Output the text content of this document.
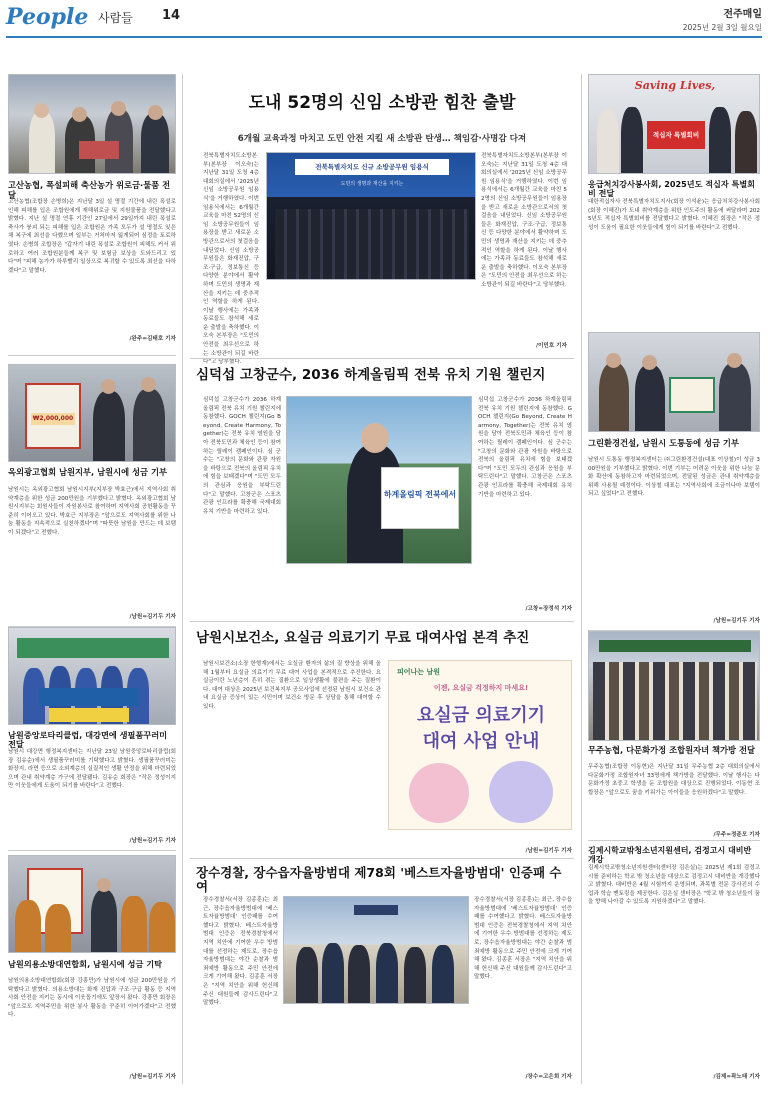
People 사람들	14	전주매일
2025년 2월 3일 월요일
고산농협, 폭설피해 축산농가 위로금·물품 전달
고산농협(조합장 손병희)은 지난달 3일 설 명절 기간에 내린 폭설로 인해 피해를 입은 조합원에게 재해위로금 및 지원물품을 전달했다고 밝혔다. 지난 설 명절 연휴 기간인 27일에서 29일까지 내린 폭설로 축사가 붕괴 되는 피해를 입은 조합원은 가족 모두가 설 명절도 잊은 채 복구에 최선을 다했으며 일부는 거처마저 잃게되어 심정을 토로하였다. 손병희 조합장은 "갑자기 내린 폭설로 조합원이 피해도 커서 위로하고 여러 조합원분들께 복구 및 보험금 보상을 도와드리고 있다"며 "피해 농가가 하루빨리 일상으로 복귀할 수 있도록 최선을 다하겠다"고 말했다.
/완주=김태호 기자
₩2,000,000
옥외광고협회 남원지부, 남원시에 성금 기부
남원시는 옥외광고협회 남원시지부(지부장 박효근)에서 지역사회 취약계층을 위한 성금 200만원을 기부했다고 밝혔다. 옥외광고협회 남원시지부는 회원사들이 자원봉사로 참여하며 지역사회 공헌활동을 꾸준히 이어오고 있다. 박효근 지부장은 "앞으로도 지역사회를 위한 나눔 활동을 지속적으로 실천하겠다"며 "따뜻한 남원을 만드는 데 보탬이 되겠다"고 전했다.
/남원=김기두 기자
남원중앙로타리클럽, 대강면에 생필품꾸러미 전달
남원시 대강면 행정복지센터는 지난달 23일 남원중앙로타리클럽(회장 김유순)에서 생필품꾸러미를 기탁했다고 밝혔다. 생필품꾸러미는 화장지, 라면 등으로 소외계층의 실질적인 생활 안정을 위해 마련되었으며 관내 취약계층 가구에 전달됐다. 김유순 회장은 "작은 정성이지만 이웃들에게 도움이 되기를 바란다"고 전했다.
/남원=김기두 기자
남원의용소방대연합회, 남원시에 성금 기탁
남원의용소방대연합회(회장 강흥만)가 남원시에 성금 200만원을 기탁했다고 밝혔다. 의용소방대는 화재 진압과 구조·구급 활동 등 지역사회 안전을 지키는 동시에 이웃돕기에도 앞장서 왔다. 강흥만 회장은 "앞으로도 지역주민을 위한 봉사 활동을 꾸준히 이어가겠다"고 전했다.
/남원=김기두 기자
도내 52명의 신임 소방관 힘찬 출발
6개월 교육과정 마치고 도민 안전 지킬 새 소방관 탄생… 책임감·사명감 다져
전북특별자치도소방본부(본부장 이오숙)는 지난달 31일 도청 4층 대회의실에서 '2025년 신임 소방공무원 임용식'을 거행하였다. 이번 임용식에서는 6개월간 교육을 마친 52명의 신임 소방공무원들이 임용장을 받고 새로운 소방관으로서의 첫걸음을 내딛었다. 신임 소방공무원들은 화재진압, 구조·구급, 정보통신 등 다양한 분야에서 활약하며 도민의 생명과 재산을 지키는 데 중추적인 역할을 하게 된다. 이날 행사에는 가족과 동료들도 참석해 새로운 출발을 축하했다. 이오숙 본부장은 "도민의 안전을 최우선으로 하는 소방관이 되길 바란다"고 당부했다.
전북특별자치도 신규 소방공무원 임용식
도민의 생명과 재산을 지키는
전북특별자치도소방본부(본부장 이오숙)는 지난달 31일 도청 4층 대회의실에서 '2025년 신임 소방공무원 임용식'을 거행하였다. 이번 임용식에서는 6개월간 교육을 마친 52명의 신임 소방공무원들이 임용장을 받고 새로운 소방관으로서의 첫걸음을 내딛었다. 신임 소방공무원들은 화재진압, 구조·구급, 정보통신 등 다양한 분야에서 활약하며 도민의 생명과 재산을 지키는 데 중추적인 역할을 하게 된다. 이날 행사에는 가족과 동료들도 참석해 새로운 출발을 축하했다. 이오숙 본부장은 "도민의 안전을 최우선으로 하는 소방관이 되길 바란다"고 당부했다.
/이민호 기자
심덕섭 고창군수, 2036 하계올림픽 전북 유치 기원 챌린지
심덕섭 고창군수가 2036 하계올림픽 전북 유치 기원 챌린지에 동참했다. GOCH 챌린지(Go Beyond, Create Harmony, Together)는 전북 유치 염원을 담아 전북도민과 체육인 등이 참여하는 릴레이 캠페인이다. 심 군수는 "고창의 문화와 관광 자원을 바탕으로 전북의 올림픽 유치에 힘을 보태겠다"며 "도민 모두의 관심과 응원을 부탁드린다"고 말했다. 고창군은 스포츠 관광 인프라를 확충해 국제대회 유치 기반을 마련하고 있다.
하계올림픽 전북에서
심덕섭 고창군수가 2036 하계올림픽 전북 유치 기원 챌린지에 동참했다. GOCH 챌린지(Go Beyond, Create Harmony, Together)는 전북 유치 염원을 담아 전북도민과 체육인 등이 참여하는 릴레이 캠페인이다. 심 군수는 "고창의 문화와 관광 자원을 바탕으로 전북의 올림픽 유치에 힘을 보태겠다"며 "도민 모두의 관심과 응원을 부탁드린다"고 말했다. 고창군은 스포츠 관광 인프라를 확충해 국제대회 유치 기반을 마련하고 있다.
/고창=장정석 기자
남원시보건소, 요실금 의료기기 무료 대여사업 본격 추진
남원시보건소(소장 한형재)에서는 요실금 환자의 삶의 질 향상을 위해 올해 1월부터 요실금 의료기기 무료 대여 사업을 본격적으로 추진한다. 요실금이란 노년층이 흔히 겪는 질환으로 일상생활에 불편을 주는 질환이다. 대여 대상은 2025년 보건복지부 공모사업에 선정된 남원시 보건소 관내 요실금 증상이 있는 시민이며 보건소 방문 후 상담을 통해 대여할 수 있다.
피어나는 남원
이젠, 요실금 걱정하지 마세요!
요실금 의료기기
대여 사업 안내
/남원=김기두 기자
장수경찰, 장수읍자율방범대 제78회 '베스트자율방범대' 인증패 수여
장수경찰서(서장 김종훈)는 최근, 장수읍자율방범대에 '베스트자율방범대' 인증패를 수여했다고 밝혔다. 베스트자율방범대 인증은 전북경찰청에서 지역 치안에 기여한 우수 방범대를 선정하는 제도로, 장수읍자율방범대는 야간 순찰과 범죄예방 활동으로 주민 안전에 크게 기여해 왔다. 김종훈 서장은 "지역 치안을 위해 헌신해 주신 대원들께 감사드린다"고 말했다.
장수경찰서(서장 김종훈)는 최근, 장수읍자율방범대에 '베스트자율방범대' 인증패를 수여했다고 밝혔다. 베스트자율방범대 인증은 전북경찰청에서 지역 치안에 기여한 우수 방범대를 선정하는 제도로, 장수읍자율방범대는 야간 순찰과 범죄예방 활동으로 주민 안전에 크게 기여해 왔다. 김종훈 서장은 "지역 치안을 위해 헌신해 주신 대원들께 감사드린다"고 말했다.
/장수=고은희 기자
Saving Lives,
적십자 특별회비
응급처치강사봉사회, 2025년도 적십자 특별회비 전달
대한적십자사 전북특별자치도지사(회장 이석윤)는 응급처치강사봉사회(회장 이혜진)가 도내 취약계층을 위한 인도주의 활동에 써달라며 2025년도 적십자 특별회비를 전달했다고 밝혔다. 이혜진 회장은 "작은 정성이 도움이 필요한 이웃들에게 힘이 되기를 바란다"고 전했다.
그린환경건설, 남원시 도통동에 성금 기부
남원시 도통동 행정복지센터는 ㈜그린환경건설(대표 이상철)이 성금 300만원을 기부했다고 밝혔다. 이번 기부는 어려운 이웃을 위한 나눔 문화 확산에 동참하고자 마련되었으며, 전달된 성금은 관내 취약계층을 위해 사용될 예정이다. 이상철 대표는 "지역사회에 조금이나마 보탬이 되고 싶었다"고 전했다.
/남원=김기두 기자
무주농협, 다문화가정 조합원자녀 책가방 전달
무주농협(조합장 이동현)은 지난달 31일 무주농협 2층 대회의실에서 다문화가정 조합원자녀 33명에게 책가방을 전달했다. 이날 행사는 다문화가정 초중고 학생을 둔 조합원을 대상으로 진행되었다. 이동현 조합장은 "앞으로도 꿈을 키워가는 아이들을 응원하겠다"고 말했다.
/무주=정준모 기자
김제시학교밖청소년지원센터, 검정고시 대비반 개강
김제시학교밖청소년지원센터(센터장 김은실)는 2025년 제1회 검정고시를 준비하는 학교 밖 청소년을 대상으로 검정고시 대비반을 개강했다고 밝혔다. 대비반은 4월 시험까지 운영되며, 과목별 전문 강사진의 수업과 학습 멘토링을 제공한다. 김은실 센터장은 "학교 밖 청소년들이 꿈을 향해 나아갈 수 있도록 지원하겠다"고 말했다.
/김제=곽노태 기자
